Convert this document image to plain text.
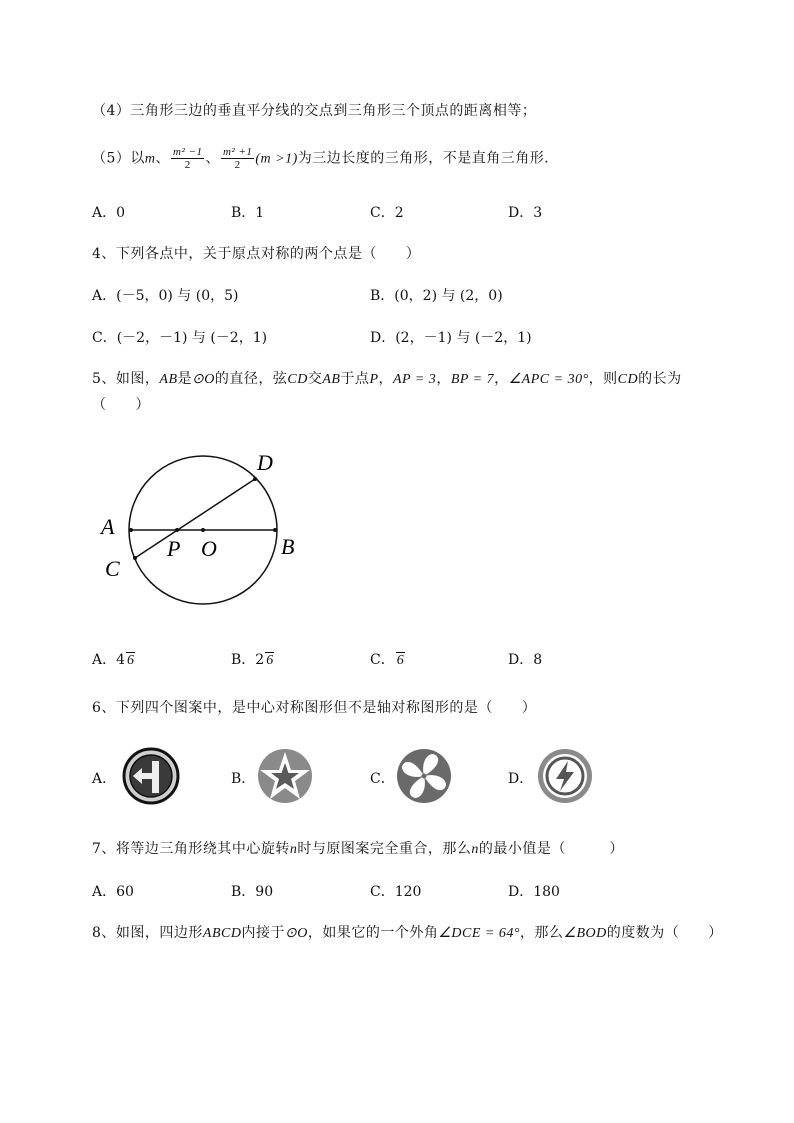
（4）三角形三边的垂直平分线的交点到三角形三个顶点的距离相等；
（5）以m、 $\frac{\text{m² −1}}{2}$ 、 $\frac{\text{m² +1}}{2} (m >1)$为三边长度的三角形，不是直角三角形．
A．0	B．1	C．2	D．3
4、下列各点中，关于原点对称的两个点是（　　）
A．(－5，0) 与 (0，5)	B．(0，2) 与 (2，0)
C．(－2，－1) 与 (－2，1)	D．(2，－1) 与 (－2，1)
5、如图，AB是⊙O的直径，弦CD交AB于点P，AP = 3，BP = 7，∠APC = 30°，则CD的长为
（　　）
A
B
C
D
P O
A．4 6	B．2 6	C． 6	D．8
6、下列四个图案中，是中心对称图形但不是轴对称图形的是（　　）
A．	B．	C．	D．
7、将等边三角形绕其中心旋转n时与原图案完全重合，那么n的最小值是（　　　）
A．60	B．90	C．120	D．180
8、如图，四边形ABCD内接于⊙O，如果它的一个外角∠DCE = 64°，那么∠BOD的度数为（　　）
